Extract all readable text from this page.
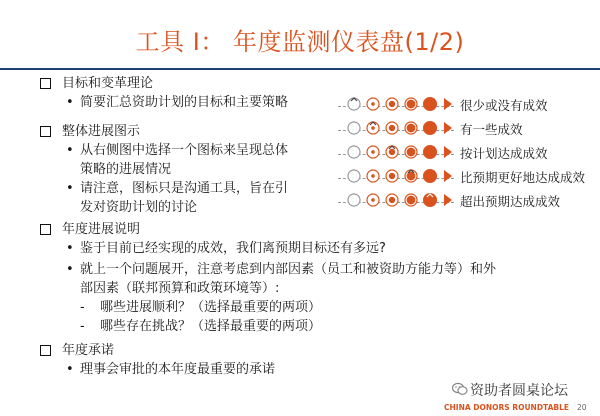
工具 I： 年度监测仪表盘(1/2)
目标和变革理论
• 简要汇总资助计划的目标和主要策略
整体进展图示
• 从右侧图中选择一个图标来呈现总体
策略的进展情况
• 请注意，图标只是沟通工具，旨在引
发对资助计划的讨论
年度进展说明
• 鉴于目前已经实现的成效，我们离预期目标还有多远?
• 就上一个问题展开，注意考虑到内部因素（员工和被资助方能力等）和外
部因素（联邦预算和政策环境等）:
- 哪些进展顺利？（选择最重要的两项）
- 哪些存在挑战？（选择最重要的两项）
年度承诺
• 理事会审批的本年度最重要的承诺
很少或没有成效
有一些成效
按计划达成成效
比预期更好地达成成效
超出预期达成成效
资助者圆桌论坛
CHINA DONORS ROUNDTABLE 20
